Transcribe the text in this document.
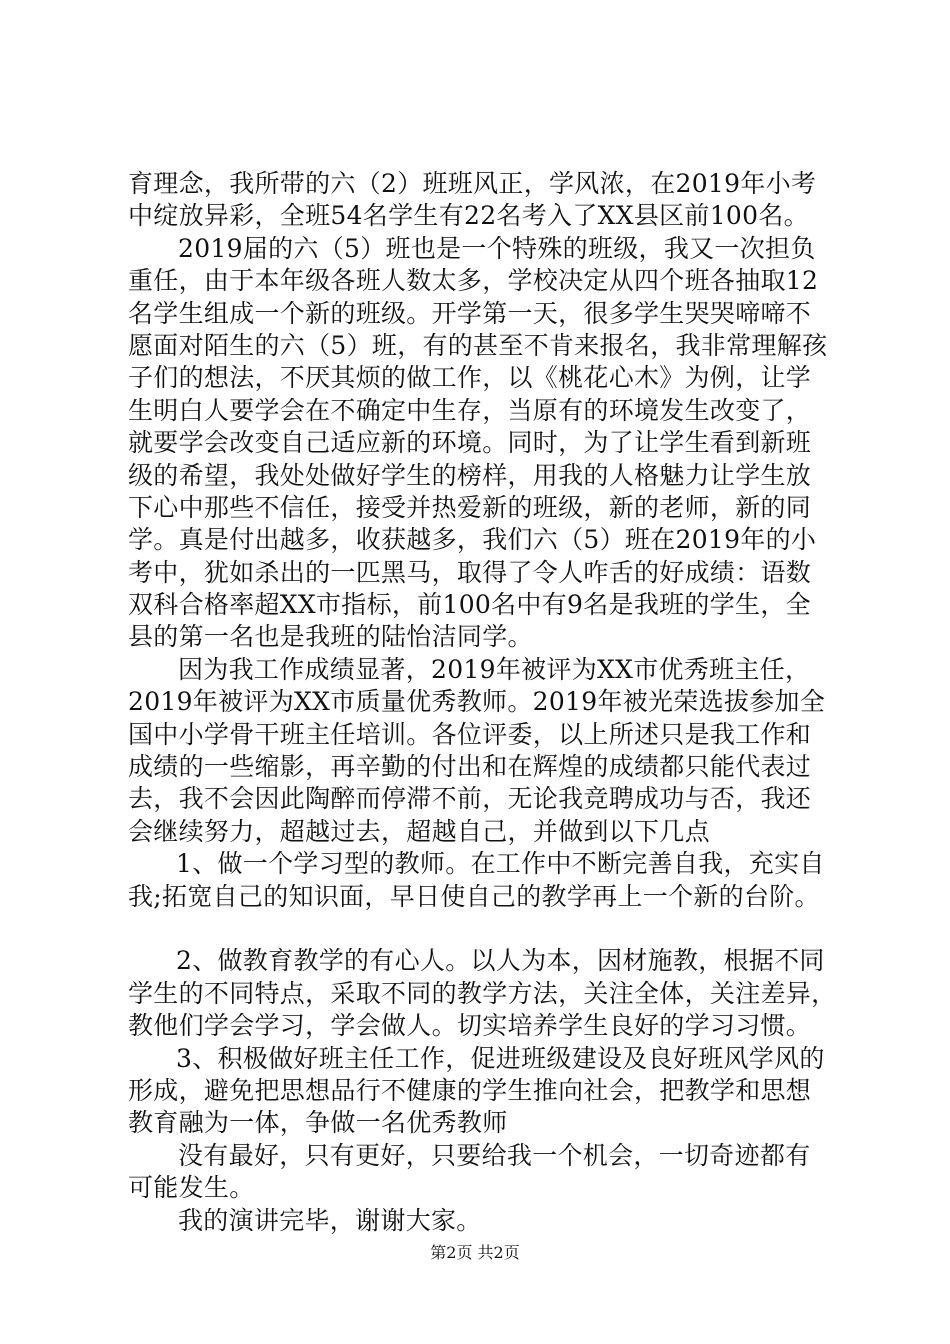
育理念，我所带的六（2）班班风正，学风浓，在2019年小考
中绽放异彩，全班54名学生有22名考入了XX县区前100名。
2019届的六（5）班也是一个特殊的班级，我又一次担负
重任，由于本年级各班人数太多，学校决定从四个班各抽取12
名学生组成一个新的班级。开学第一天，很多学生哭哭啼啼不
愿面对陌生的六（5）班，有的甚至不肯来报名，我非常理解孩
子们的想法，不厌其烦的做工作，以《桃花心木》为例，让学
生明白人要学会在不确定中生存，当原有的环境发生改变了，
就要学会改变自己适应新的环境。同时，为了让学生看到新班
级的希望，我处处做好学生的榜样，用我的人格魅力让学生放
下心中那些不信任，接受并热爱新的班级，新的老师，新的同
学。真是付出越多，收获越多，我们六（5）班在2019年的小
考中，犹如杀出的一匹黑马，取得了令人咋舌的好成绩：语数
双科合格率超XX市指标，前100名中有9名是我班的学生，全
县的第一名也是我班的陆怡洁同学。
因为我工作成绩显著，2019年被评为XX市优秀班主任，
2019年被评为XX市质量优秀教师。2019年被光荣选拔参加全
国中小学骨干班主任培训。各位评委，以上所述只是我工作和
成绩的一些缩影，再辛勤的付出和在辉煌的成绩都只能代表过
去，我不会因此陶醉而停滞不前，无论我竞聘成功与否，我还
会继续努力，超越过去，超越自己，并做到以下几点
1、做一个学习型的教师。在工作中不断完善自我，充实自
我;拓宽自己的知识面，早日使自己的教学再上一个新的台阶。
2、做教育教学的有心人。以人为本，因材施教，根据不同
学生的不同特点，采取不同的教学方法，关注全体，关注差异，
教他们学会学习，学会做人。切实培养学生良好的学习习惯。
3、积极做好班主任工作，促进班级建设及良好班风学风的
形成，避免把思想品行不健康的学生推向社会，把教学和思想
教育融为一体，争做一名优秀教师
没有最好，只有更好，只要给我一个机会，一切奇迹都有
可能发生。
我的演讲完毕，谢谢大家。
第2页 共2页
